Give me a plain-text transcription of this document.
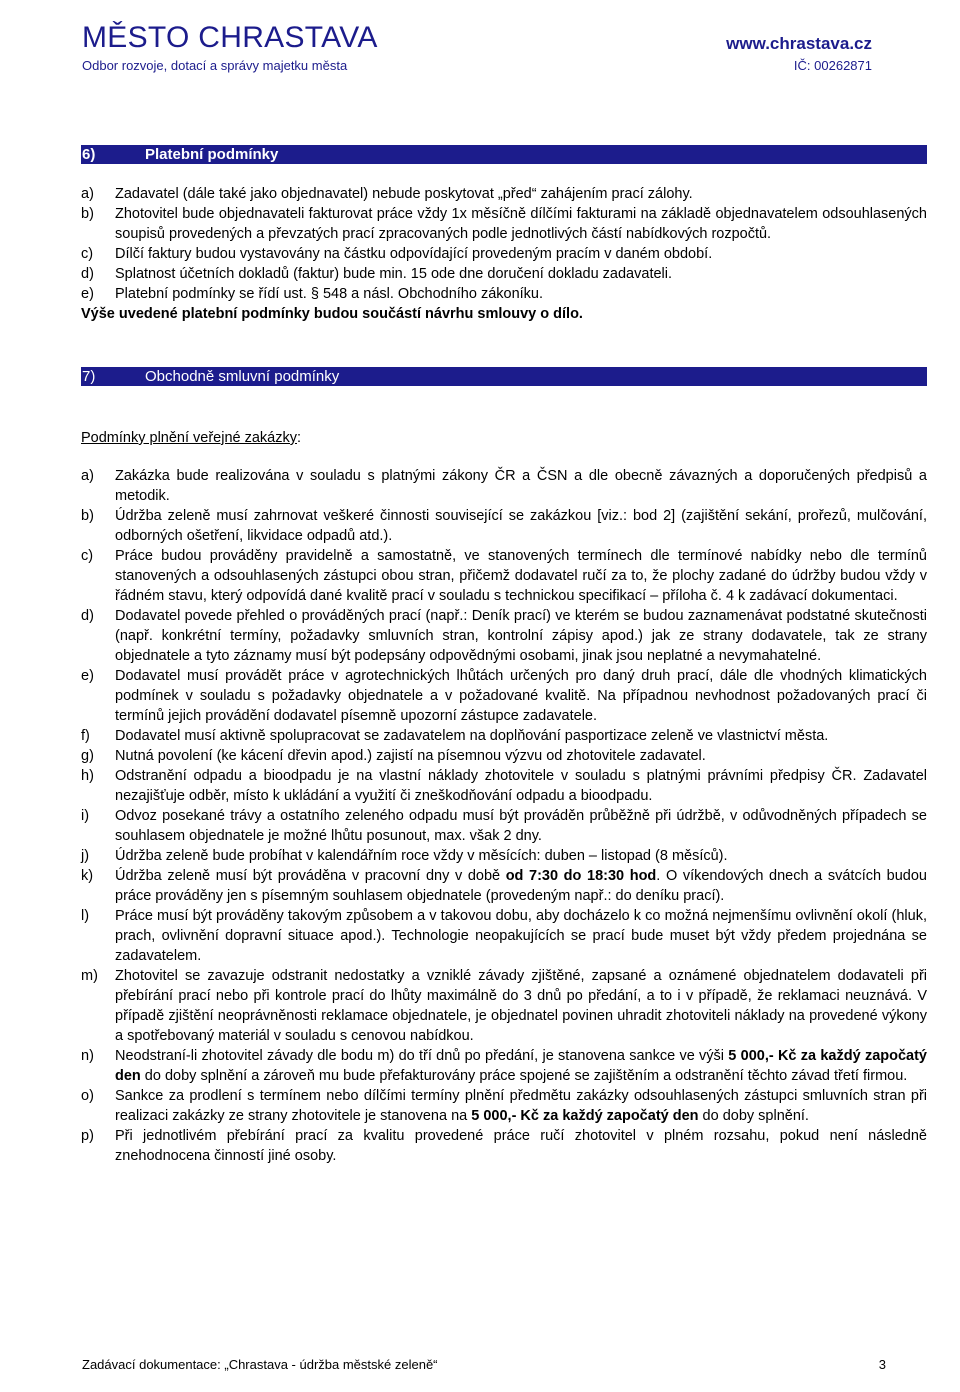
MĚSTO CHRASTAVA
Odbor rozvoje, dotací a správy majetku města
www.chrastava.cz
IČ: 00262871
6)	Platební podmínky
a)	Zadavatel (dále také jako objednavatel) nebude poskytovat „před“ zahájením prací zálohy.
b)	Zhotovitel bude objednavateli fakturovat práce vždy 1x měsíčně dílčími fakturami na základě objednavatelem odsouhlasených soupisů provedených a převzatých prací zpracovaných podle jednotlivých částí nabídkových rozpočtů.
c)	Dílčí faktury budou vystavovány na částku odpovídající provedeným pracím v daném období.
d)	Splatnost účetních dokladů (faktur) bude min. 15 ode dne doručení dokladu zadavateli.
e)	Platební podmínky se řídí ust. § 548 a násl. Obchodního zákoníku.
Výše uvedené platební podmínky budou součástí návrhu smlouvy o dílo.
7)	Obchodně smluvní podmínky
Podmínky plnění veřejné zakázky:
a)	Zakázka bude realizována v souladu s platnými zákony ČR a ČSN a dle obecně závazných a doporučených předpisů a metodik.
b)	Údržba zeleně musí zahrnovat veškeré činnosti související se zakázkou [viz.: bod 2] (zajištění sekání, prořezů, mulčování, odborných ošetření, likvidace odpadů atd.).
c)	Práce budou prováděny pravidelně a samostatně, ve stanovených termínech dle termínové nabídky nebo dle termínů stanovených a odsouhlasených zástupci obou stran, přičemž dodavatel ručí za to, že plochy zadané do údržby budou vždy v řádném stavu, který odpovídá dané kvalitě prací v souladu s technickou specifikací – příloha č. 4 k zadávací dokumentaci.
d)	Dodavatel povede přehled o prováděných prací (např.: Deník prací) ve kterém se budou zaznamenávat podstatné skutečnosti (např. konkrétní termíny, požadavky smluvních stran, kontrolní zápisy apod.) jak ze strany dodavatele, tak ze strany objednatele a tyto záznamy musí být podepsány odpovědnými osobami, jinak jsou neplatné a nevymahatelné.
e)	Dodavatel musí provádět práce v agrotechnických lhůtách určených pro daný druh prací, dále dle vhodných klimatických podmínek v souladu s požadavky objednatele a v požadované kvalitě. Na případnou nevhodnost požadovaných prací či termínů jejich provádění dodavatel písemně upozorní zástupce zadavatele.
f)	Dodavatel musí aktivně spolupracovat se zadavatelem na doplňování pasportizace zeleně ve vlastnictví města.
g)	Nutná povolení (ke kácení dřevin apod.) zajistí na písemnou výzvu od zhotovitele zadavatel.
h)	Odstranění odpadu a bioodpadu je na vlastní náklady zhotovitele v souladu s platnými právními předpisy ČR. Zadavatel nezajišťuje odběr, místo k ukládání a využití či zneškodňování odpadu a bioodpadu.
i)	Odvoz posekané trávy a ostatního zeleného odpadu musí být prováděn průběžně při údržbě, v odůvodněných případech se souhlasem objednatele je možné lhůtu posunout, max. však 2 dny.
j)	Údržba zeleně bude probíhat v kalendářním roce vždy v měsících: duben – listopad (8 měsíců).
k)	Údržba zeleně musí být prováděna v pracovní dny v době od 7:30 do 18:30 hod. O víkendových dnech a svátcích budou práce prováděny jen s písemným souhlasem objednatele (provedeným např.: do deníku prací).
l)	Práce musí být prováděny takovým způsobem a v takovou dobu, aby docházelo k co možná nejmenšímu ovlivnění okolí (hluk, prach, ovlivnění dopravní situace apod.). Technologie neopakujících se prací bude muset být vždy předem projednána se zadavatelem.
m)	Zhotovitel se zavazuje odstranit nedostatky a vzniklé závady zjištěné, zapsané a oznámené objednatelem dodavateli při přebírání prací nebo při kontrole prací do lhůty maximálně do 3 dnů po předání, a to i v případě, že reklamaci neuznává. V případě zjištění neoprávněnosti reklamace objednatele, je objednatel povinen uhradit zhotoviteli náklady na provedené výkony a spotřebovaný materiál v souladu s cenovou nabídkou.
n)	Neodstraní-li zhotovitel závady dle bodu m) do tří dnů po předání, je stanovena sankce ve výši 5 000,- Kč za každý započatý den do doby splnění a zároveň mu bude přefakturovány práce spojené se zajištěním a odstranění těchto závad třetí firmou.
o)	Sankce za prodlení s termínem nebo dílčími termíny plnění předmětu zakázky odsouhlasených zástupci smluvních stran při realizaci zakázky ze strany zhotovitele je stanovena na 5 000,- Kč za každý započatý den do doby splnění.
p)	Při jednotlivém přebírání prací za kvalitu provedené práce ručí zhotovitel v plném rozsahu, pokud není následně znehodnocena činností jiné osoby.
Zadávací dokumentace: „Chrastava - údržba městské zeleně“	3
